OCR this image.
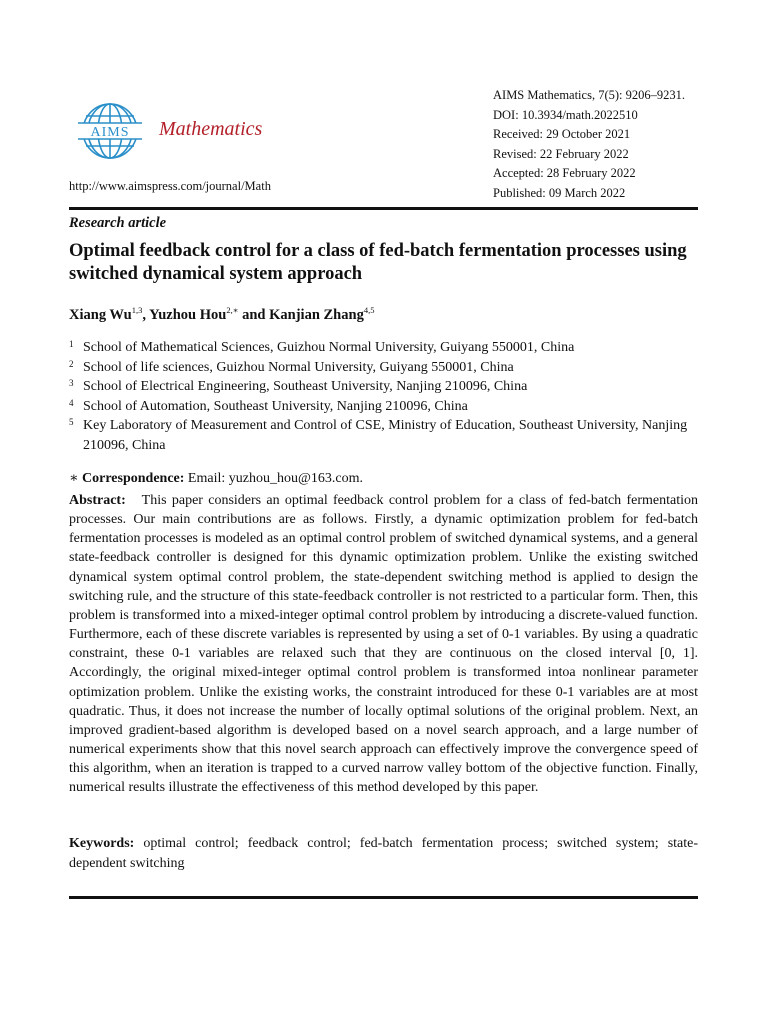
AIMS Mathematics
http://www.aimspress.com/journal/Math
AIMS Mathematics, 7(5): 9206–9231.
DOI: 10.3934/math.2022510
Received: 29 October 2021
Revised: 22 February 2022
Accepted: 28 February 2022
Published: 09 March 2022
Research article
Optimal feedback control for a class of fed-batch fermentation processes using switched dynamical system approach
Xiang Wu$^{1,3}$, Yuzhou Hou$^{2,∗}$ and Kanjian Zhang$^{4,5}$
1 School of Mathematical Sciences, Guizhou Normal University, Guiyang 550001, China
2 School of life sciences, Guizhou Normal University, Guiyang 550001, China
3 School of Electrical Engineering, Southeast University, Nanjing 210096, China
4 School of Automation, Southeast University, Nanjing 210096, China
5 Key Laboratory of Measurement and Control of CSE, Ministry of Education, Southeast University, Nanjing 210096, China
∗ Correspondence: Email: yuzhou_hou@163.com.
Abstract: This paper considers an optimal feedback control problem for a class of fed-batch fermentation processes. Our main contributions are as follows. Firstly, a dynamic optimization problem for fed-batch fermentation processes is modeled as an optimal control problem of switched dynamical systems, and a general state-feedback controller is designed for this dynamic optimization problem. Unlike the existing switched dynamical system optimal control problem, the state-dependent switching method is applied to design the switching rule, and the structure of this state-feedback controller is not restricted to a particular form. Then, this problem is transformed into a mixed-integer optimal control problem by introducing a discrete-valued function. Furthermore, each of these discrete variables is represented by using a set of 0-1 variables. By using a quadratic constraint, these 0-1 variables are relaxed such that they are continuous on the closed interval [0, 1]. Accordingly, the original mixed-integer optimal control problem is transformed intoa nonlinear parameter optimization problem. Unlike the existing works, the constraint introduced for these 0-1 variables are at most quadratic. Thus, it does not increase the number of locally optimal solutions of the original problem. Next, an improved gradient-based algorithm is developed based on a novel search approach, and a large number of numerical experiments show that this novel search approach can effectively improve the convergence speed of this algorithm, when an iteration is trapped to a curved narrow valley bottom of the objective function. Finally, numerical results illustrate the effectiveness of this method developed by this paper.
Keywords: optimal control; feedback control; fed-batch fermentation process; switched system; state-dependent switching
